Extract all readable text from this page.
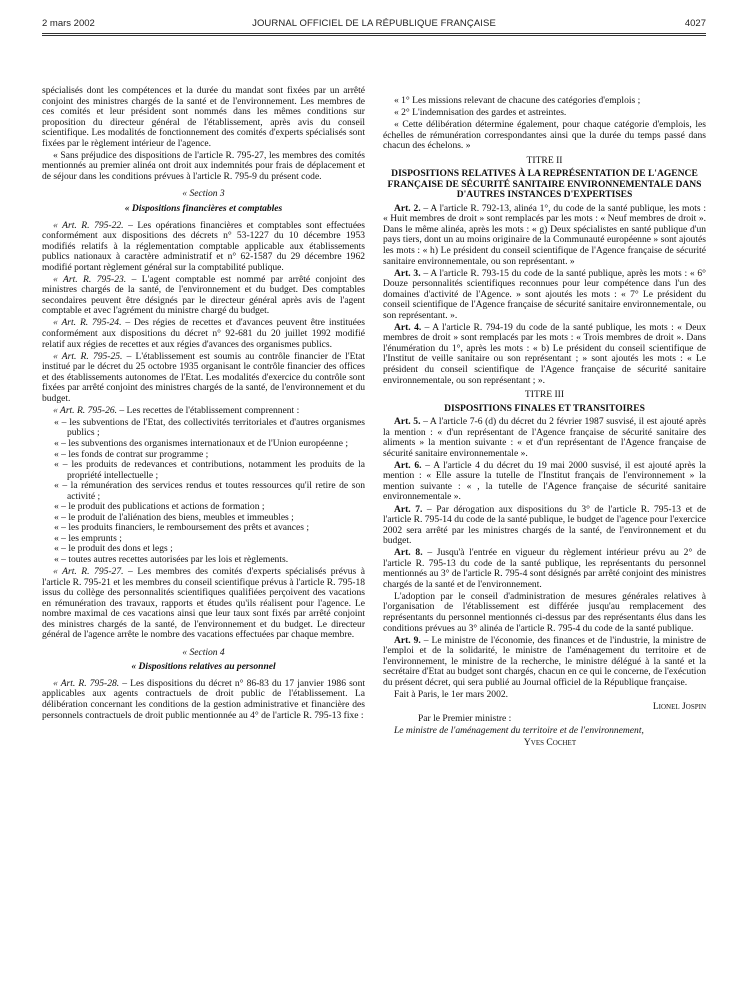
2 mars 2002	JOURNAL OFFICIEL DE LA RÉPUBLIQUE FRANÇAISE	4027

spécialisés dont les compétences et la durée du mandat sont fixées par un arrêté conjoint des ministres chargés de la santé et de l'environnement. Les membres de ces comités et leur président sont nommés dans les mêmes conditions sur proposition du directeur général de l'établissement, après avis du conseil scientifique. Les modalités de fonctionnement des comités d'experts spécialisés sont fixées par le règlement intérieur de l'agence.

« Sans préjudice des dispositions de l'article R. 795-27, les membres des comités mentionnés au premier alinéa ont droit aux indemnités pour frais de déplacement et de séjour dans les conditions prévues à l'article R. 795-9 du présent code.

« Section 3

« Dispositions financières et comptables

« Art. R. 795-22. – Les opérations financières et comptables sont effectuées conformément aux dispositions des décrets n° 53-1227 du 10 décembre 1953 modifiés relatifs à la réglementation comptable applicable aux établissements publics nationaux à caractère administratif et n° 62-1587 du 29 décembre 1962 modifié portant règlement général sur la comptabilité publique.

« Art. R. 795-23. – L'agent comptable est nommé par arrêté conjoint des ministres chargés de la santé, de l'environnement et du budget. Des comptables secondaires peuvent être désignés par le directeur général après avis de l'agent comptable et avec l'agrément du ministre chargé du budget.

« Art. R. 795-24. – Des régies de recettes et d'avances peuvent être instituées conformément aux dispositions du décret n° 92-681 du 20 juillet 1992 modifié relatif aux régies de recettes et aux régies d'avances des organismes publics.

« Art. R. 795-25. – L'établissement est soumis au contrôle financier de l'Etat institué par le décret du 25 octobre 1935 organisant le contrôle financier des offices et des établissements autonomes de l'Etat. Les modalités d'exercice du contrôle sont fixées par arrêté conjoint des ministres chargés de la santé, de l'environnement et du budget.

« Art. R. 795-26. – Les recettes de l'établissement comprennent :

« – les subventions de l'Etat, des collectivités territoriales et d'autres organismes publics ;
« – les subventions des organismes internationaux et de l'Union européenne ;
« – les fonds de contrat sur programme ;
« – les produits de redevances et contributions, notamment les produits de la propriété intellectuelle ;
« – la rémunération des services rendus et toutes ressources qu'il retire de son activité ;
« – le produit des publications et actions de formation ;
« – le produit de l'aliénation des biens, meubles et immeubles ;
« – les produits financiers, le remboursement des prêts et avances ;
« – les emprunts ;
« – le produit des dons et legs ;
« – toutes autres recettes autorisées par les lois et règlements.

« Art. R. 795-27. – Les membres des comités d'experts spécialisés prévus à l'article R. 795-21 et les membres du conseil scientifique prévus à l'article R. 795-18 issus du collège des personnalités scientifiques qualifiées perçoivent des vacations en rémunération des travaux, rapports et études qu'ils réalisent pour l'agence. Le nombre maximal de ces vacations ainsi que leur taux sont fixés par arrêté conjoint des ministres chargés de la santé, de l'environnement et du budget. Le directeur général de l'agence arrête le nombre des vacations effectuées par chaque membre.

« Section 4

« Dispositions relatives au personnel

« Art. R. 795-28. – Les dispositions du décret n° 86-83 du 17 janvier 1986 sont applicables aux agents contractuels de droit public de l'établissement. La délibération concernant les conditions de la gestion administrative et financière des personnels contractuels de droit public mentionnée au 4° de l'article R. 795-13 fixe :

« 1° Les missions relevant de chacune des catégories d'emplois ;

« 2° L'indemnisation des gardes et astreintes.

« Cette délibération détermine également, pour chaque catégorie d'emplois, les échelles de rémunération correspondantes ainsi que la durée du temps passé dans chacun des échelons. »

TITRE II

DISPOSITIONS RELATIVES À LA REPRÉSENTATION DE L'AGENCE FRANÇAISE DE SÉCURITÉ SANITAIRE ENVIRONNEMENTALE DANS D'AUTRES INSTANCES D'EXPERTISES

Art. 2. – A l'article R. 792-13, alinéa 1°, du code de la santé publique, les mots : « Huit membres de droit » sont remplacés par les mots : « Neuf membres de droit ». Dans le même alinéa, après les mots : « g) Deux spécialistes en santé publique d'un pays tiers, dont un au moins originaire de la Communauté européenne » sont ajoutés les mots : « h) Le président du conseil scientifique de l'Agence française de sécurité sanitaire environnementale, ou son représentant. »

Art. 3. – A l'article R. 793-15 du code de la santé publique, après les mots : « 6° Douze personnalités scientifiques reconnues pour leur compétence dans l'un des domaines d'activité de l'Agence. » sont ajoutés les mots : « 7° Le président du conseil scientifique de l'Agence française de sécurité sanitaire environnementale, ou son représentant. ».

Art. 4. – A l'article R. 794-19 du code de la santé publique, les mots : « Deux membres de droit » sont remplacés par les mots : « Trois membres de droit ». Dans l'énumération du 1°, après les mots : « b) Le président du conseil scientifique de l'Institut de veille sanitaire ou son représentant ; » sont ajoutés les mots : « Le président du conseil scientifique de l'Agence française de sécurité sanitaire environnementale, ou son représentant ; ».

TITRE III

DISPOSITIONS FINALES ET TRANSITOIRES

Art. 5. – A l'article 7-6 (d) du décret du 2 février 1987 susvisé, il est ajouté après la mention : « d'un représentant de l'Agence française de sécurité sanitaire des aliments » la mention suivante : « et d'un représentant de l'Agence française de sécurité sanitaire environnementale ».

Art. 6. – A l'article 4 du décret du 19 mai 2000 susvisé, il est ajouté après la mention : « Elle assure la tutelle de l'Institut français de l'environnement » la mention suivante : « , la tutelle de l'Agence française de sécurité sanitaire environnementale ».

Art. 7. – Par dérogation aux dispositions du 3° de l'article R. 795-13 et de l'article R. 795-14 du code de la santé publique, le budget de l'agence pour l'exercice 2002 sera arrêté par les ministres chargés de la santé, de l'environnement et du budget.

Art. 8. – Jusqu'à l'entrée en vigueur du règlement intérieur prévu au 2° de l'article R. 795-13 du code de la santé publique, les représentants du personnel mentionnés au 3° de l'article R. 795-4 sont désignés par arrêté conjoint des ministres chargés de la santé et de l'environnement.

L'adoption par le conseil d'administration de mesures générales relatives à l'organisation de l'établissement est différée jusqu'au remplacement des représentants du personnel mentionnés ci-dessus par des représentants élus dans les conditions prévues au 3° alinéa de l'article R. 795-4 du code de la santé publique.

Art. 9. – Le ministre de l'économie, des finances et de l'industrie, la ministre de l'emploi et de la solidarité, le ministre de l'aménagement du territoire et de l'environnement, le ministre de la recherche, le ministre délégué à la santé et la secrétaire d'Etat au budget sont chargés, chacun en ce qui le concerne, de l'exécution du présent décret, qui sera publié au Journal officiel de la République française.

Fait à Paris, le 1er mars 2002.

Lionel Jospin

Par le Premier ministre :

Le ministre de l'aménagement du territoire et de l'environnement,

Yves Cochet
